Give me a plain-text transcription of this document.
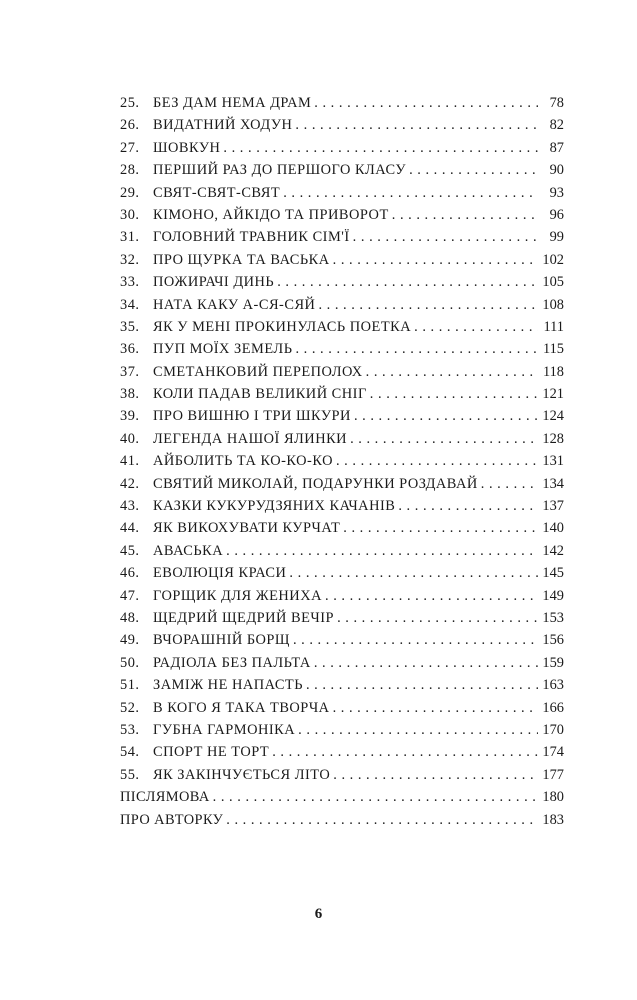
25. БЕЗ ДАМ НЕМА ДРАМ . . .	78
26. ВИДАТНИЙ ХОДУН . . .	82
27. ШОВКУН . . .	87
28. ПЕРШИЙ РАЗ ДО ПЕРШОГО КЛАСУ . . .	90
29. СВЯТ-СВЯТ-СВЯТ . . .	93
30. КІМОНО, АЙКІДО ТА ПРИВОРОТ . . .	96
31. ГОЛОВНИЙ ТРАВНИК СІМ'Ї . . .	99
32. ПРО ЩУРКА ТА ВАСЬКА . . .	102
33. ПОЖИРАЧІ ДИНЬ . . .	105
34. НАТА КАКУ А-СЯ-СЯЙ . . .	108
35. ЯК У МЕНІ ПРОКИНУЛАСЬ ПОЕТКА . . .	111
36. ПУП МОЇХ ЗЕМЕЛЬ . . .	115
37. СМЕТАНКОВИЙ ПЕРЕПОЛОХ . . .	118
38. КОЛИ ПАДАВ ВЕЛИКИЙ СНІГ . . .	121
39. ПРО ВИШНЮ І ТРИ ШКУРИ . . .	124
40. ЛЕГЕНДА НАШОЇ ЯЛИНКИ . . .	128
41. АЙБОЛИТЬ ТА КО-КО-КО . . .	131
42. СВЯТИЙ МИКОЛАЙ, ПОДАРУНКИ РОЗДАВАЙ . . .	134
43. КАЗКИ КУКУРУДЗЯНИХ КАЧАНІВ . . .	137
44. ЯК ВИКОХУВАТИ КУРЧАТ . . .	140
45. АВАСЬКА . . .	142
46. ЕВОЛЮЦІЯ КРАСИ . . .	145
47. ГОРЩИК ДЛЯ ЖЕНИХА . . .	149
48. ЩЕДРИЙ ЩЕДРИЙ ВЕЧІР . . .	153
49. ВЧОРАШНІЙ БОРЩ . . .	156
50. РАДІОЛА БЕЗ ПАЛЬТА . . .	159
51. ЗАМІЖ НЕ НАПАСТЬ . . .	163
52. В КОГО Я ТАКА ТВОРЧА . . .	166
53. ГУБНА ГАРМОНІКА . . .	170
54. СПОРТ НЕ ТОРТ . . .	174
55. ЯК ЗАКІНЧУЄТЬСЯ ЛІТО . . .	177
ПІСЛЯМОВА . . .	180
ПРО АВТОРКУ . . .	183
6
